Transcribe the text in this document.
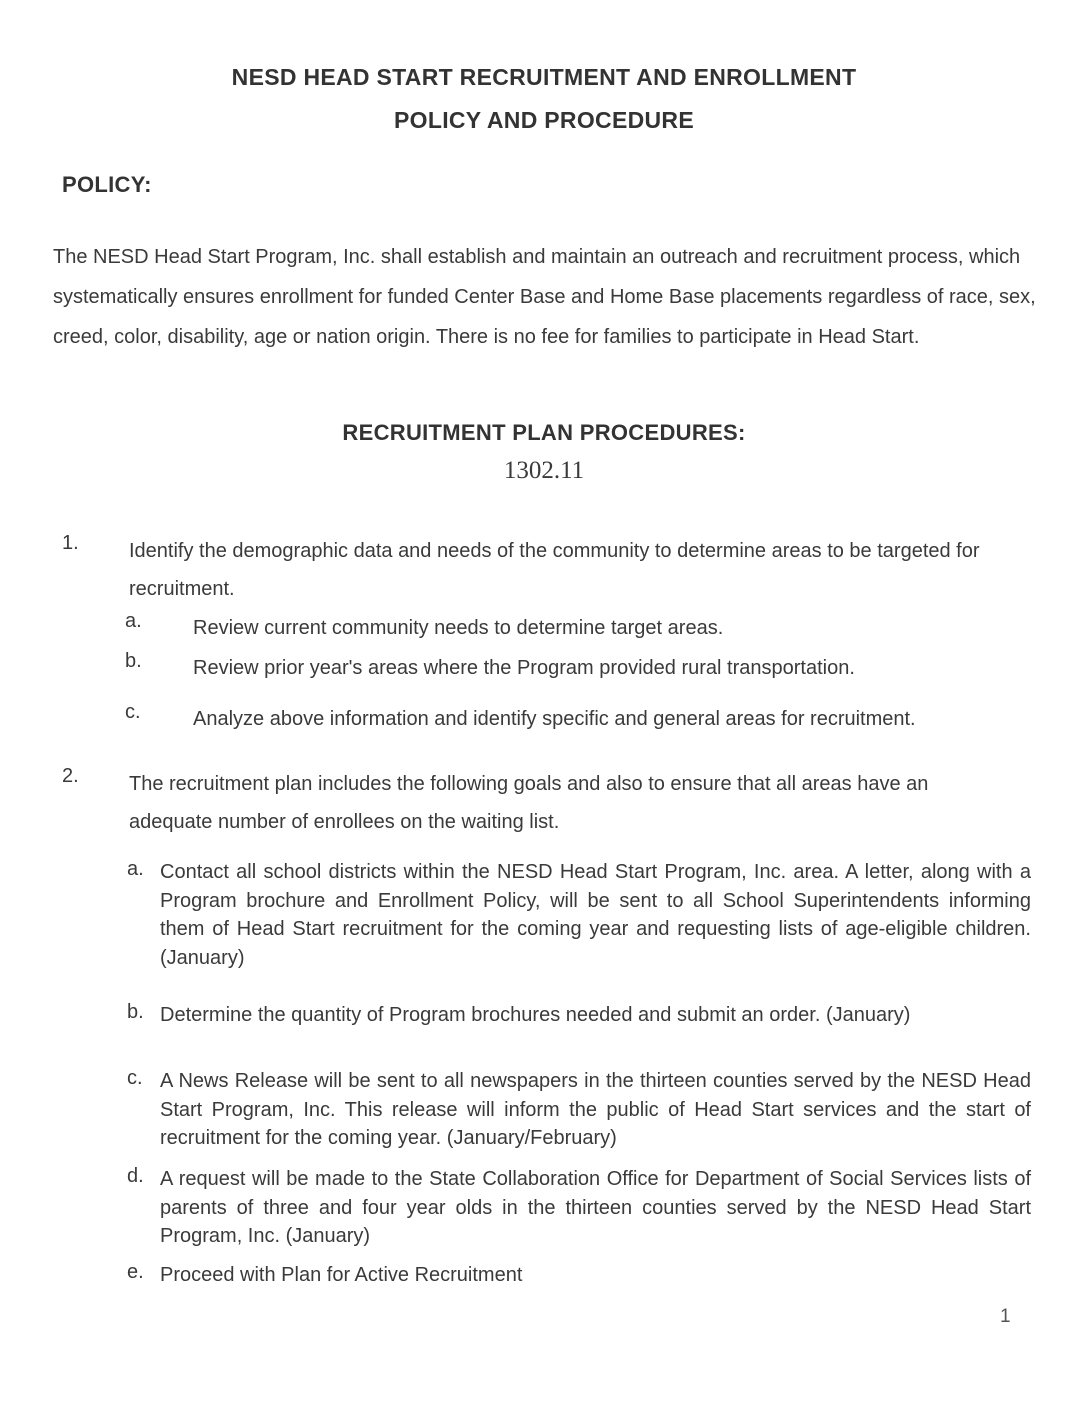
NESD HEAD START RECRUITMENT AND ENROLLMENT
POLICY AND PROCEDURE
POLICY:
The NESD Head Start Program, Inc. shall establish and maintain an outreach and recruitment process, which systematically ensures enrollment for funded Center Base and Home Base placements regardless of race, sex, creed, color, disability, age or nation origin. There is no fee for families to participate in Head Start.
RECRUITMENT PLAN PROCEDURES:
1302.11
1.	Identify the demographic data and needs of the community to determine areas to be targeted for recruitment.
a.	Review current community needs to determine target areas.
b.	Review prior year's areas where the Program provided rural transportation.
c.	Analyze above information and identify specific and general areas for recruitment.
2.	The recruitment plan includes the following goals and also to ensure that all areas have an adequate number of enrollees on the waiting list.
a. Contact all school districts within the NESD Head Start Program, Inc. area. A letter, along with a Program brochure and Enrollment Policy, will be sent to all School Superintendents informing them of Head Start recruitment for the coming year and requesting lists of age-eligible children. (January)
b. Determine the quantity of Program brochures needed and submit an order. (January)
c. A News Release will be sent to all newspapers in the thirteen counties served by the NESD Head Start Program, Inc. This release will inform the public of Head Start services and the start of recruitment for the coming year. (January/February)
d. A request will be made to the State Collaboration Office for Department of Social Services lists of parents of three and four year olds in the thirteen counties served by the NESD Head Start Program, Inc. (January)
e. Proceed with Plan for Active Recruitment
1
